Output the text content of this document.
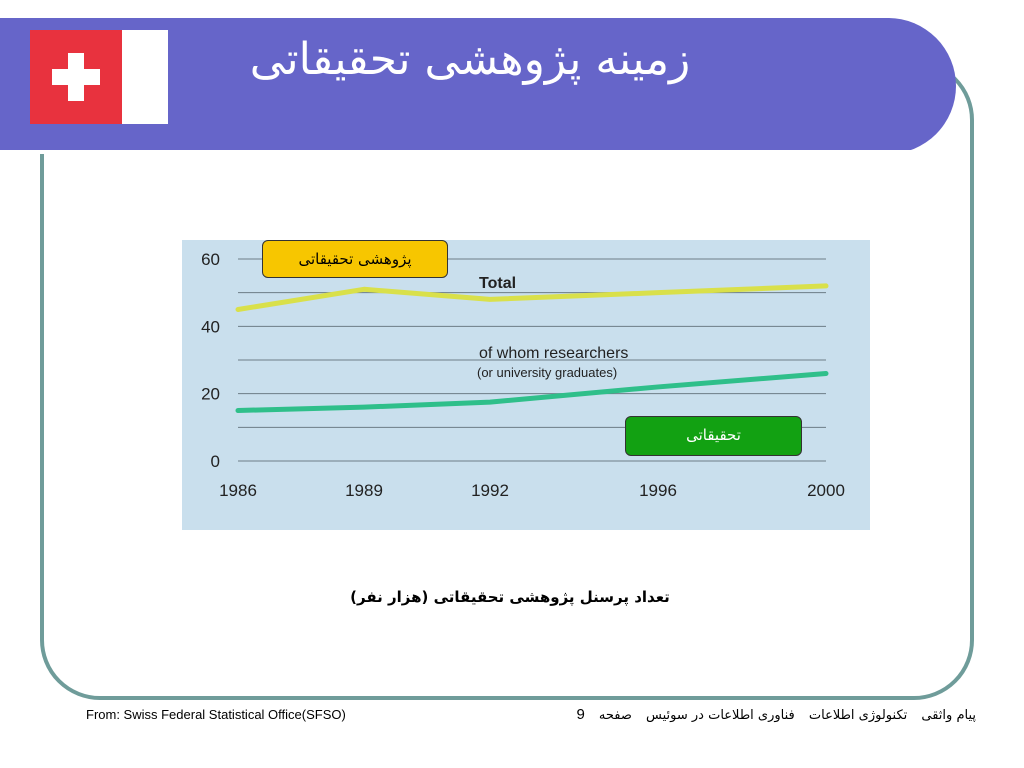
زمینه پژوهشی تحقیقاتی
0
20
40
60
1986	1989	1992	1996	2000
Total
of whom researchers
(or university graduates)
پژوهشی تحقیقاتی
تحقیقاتی
تعداد پرسنل پژوهشی تحقیقاتی (هزار نفر)
From: Swiss Federal Statistical Office(SFSO)	پیام واثقی تکنولوژی اطلاعات فناوری اطلاعات در سوئیس صفحه 9
